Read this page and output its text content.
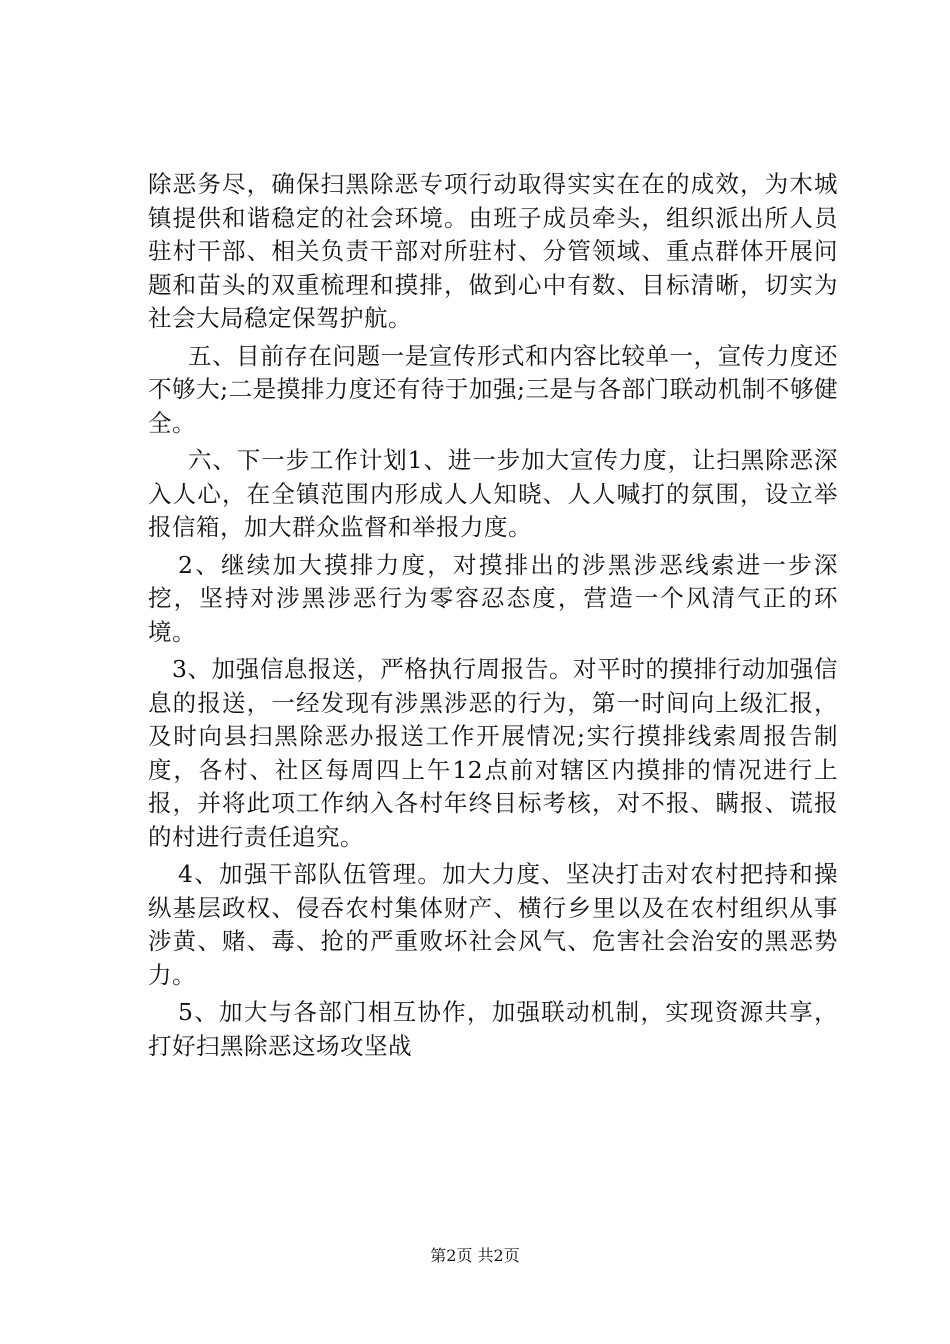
除恶务尽，确保扫黑除恶专项行动取得实实在在的成效，为木城镇提供和谐稳定的社会环境。由班子成员牵头，组织派出所人员驻村干部、相关负责干部对所驻村、分管领域、重点群体开展问题和苗头的双重梳理和摸排，做到心中有数、目标清晰，切实为社会大局稳定保驾护航。

五、目前存在问题一是宣传形式和内容比较单一，宣传力度还不够大;二是摸排力度还有待于加强;三是与各部门联动机制不够健全。

六、下一步工作计划1、进一步加大宣传力度，让扫黑除恶深入人心，在全镇范围内形成人人知晓、人人喊打的氛围，设立举报信箱，加大群众监督和举报力度。

2、继续加大摸排力度，对摸排出的涉黑涉恶线索进一步深挖，坚持对涉黑涉恶行为零容忍态度，营造一个风清气正的环境。

3、加强信息报送，严格执行周报告。对平时的摸排行动加强信息的报送，一经发现有涉黑涉恶的行为，第一时间向上级汇报，及时向县扫黑除恶办报送工作开展情况;实行摸排线索周报告制度，各村、社区每周四上午12点前对辖区内摸排的情况进行上报，并将此项工作纳入各村年终目标考核，对不报、瞒报、谎报的村进行责任追究。

4、加强干部队伍管理。加大力度、坚决打击对农村把持和操纵基层政权、侵吞农村集体财产、横行乡里以及在农村组织从事涉黄、赌、毒、抢的严重败坏社会风气、危害社会治安的黑恶势力。

5、加大与各部门相互协作，加强联动机制，实现资源共享，打好扫黑除恶这场攻坚战

第2页 共2页
